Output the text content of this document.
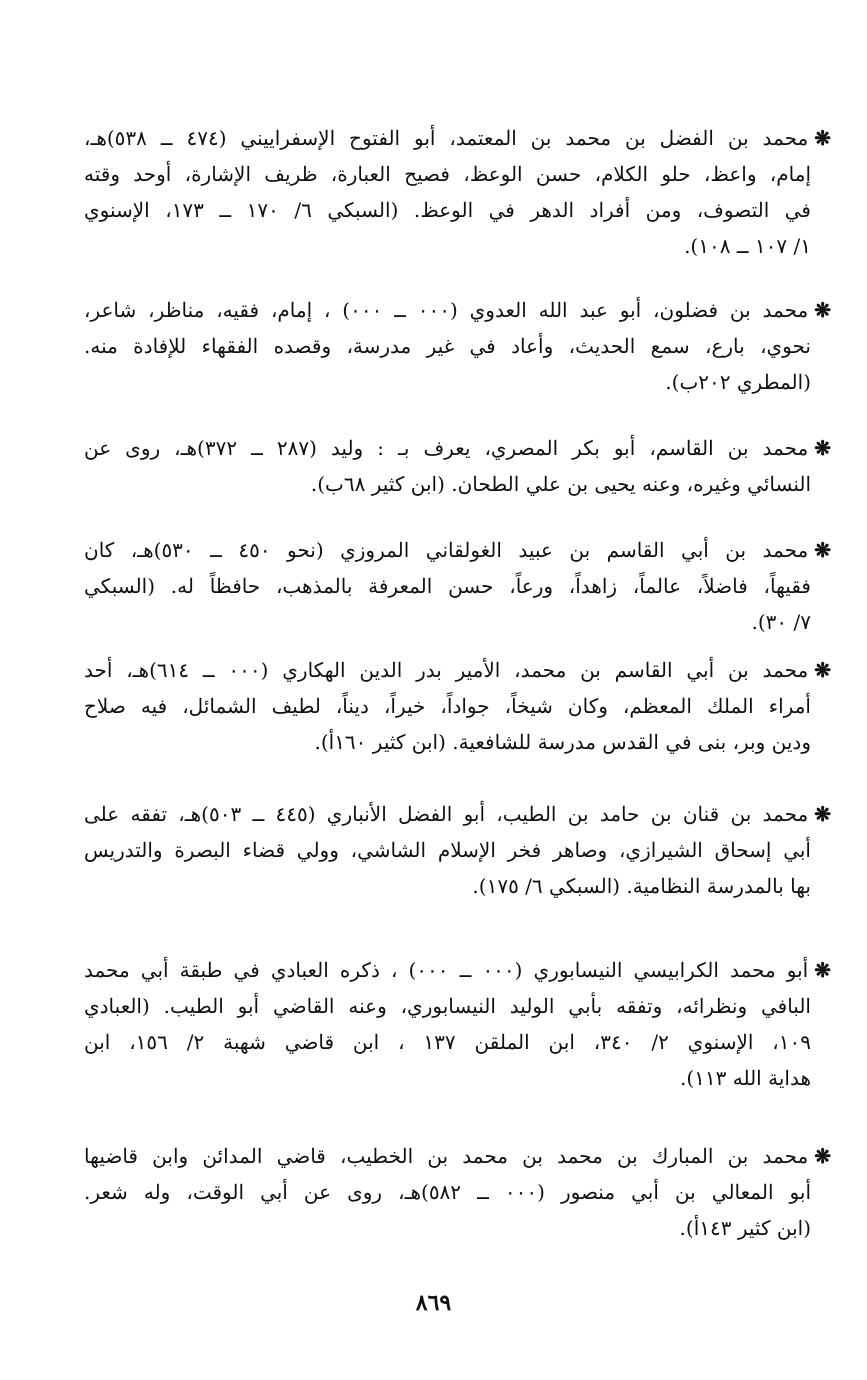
❋محمد بن الفضل بن محمد بن المعتمد، أبو الفتوح الإسفراييني (٤٧٤ ــ ٥٣٨)هـ،
إمام، واعظ، حلو الكلام، حسن الوعظ، فصيح العبارة، ظريف الإشارة، أوحد وقته
في التصوف، ومن أفراد الدهر في الوعظ. (السبكي ٦/ ١٧٠ ــ ١٧٣، الإسنوي
١/ ١٠٧ ــ ١٠٨).
❋محمد بن فضلون، أبو عبد الله العدوي (٠٠٠ ــ ٠٠٠) ، إمام، فقيه، مناظر، شاعر،
نحوي، بارع، سمع الحديث، وأعاد في غير مدرسة، وقصده الفقهاء للإفادة منه.
(المطري ٢٠٢ب).
❋محمد بن القاسم، أبو بكر المصري، يعرف بـ : وليد (٢٨٧ ــ ٣٧٢)هـ، روى عن
النسائي وغيره، وعنه يحيى بن علي الطحان. (ابن كثير ٦٨ب).
❋محمد بن أبي القاسم بن عبيد الغولقاني المروزي (نحو ٤٥٠ ــ ٥٣٠)هـ، كان
فقيهاً، فاضلاً، عالماً، زاهداً، ورعاً، حسن المعرفة بالمذهب، حافظاً له. (السبكي
٧/ ٣٠).
❋محمد بن أبي القاسم بن محمد، الأمير بدر الدين الهكاري (٠٠٠ ــ ٦١٤)هـ، أحد
أمراء الملك المعظم، وكان شيخاً، جواداً، خيراً، ديناً، لطيف الشمائل، فيه صلاح
ودين وبر، بنى في القدس مدرسة للشافعية. (ابن كثير ١٦٠أ).
❋محمد بن قنان بن حامد بن الطيب، أبو الفضل الأنباري (٤٤٥ ــ ٥٠٣)هـ، تفقه على
أبي إسحاق الشيرازي، وصاهر فخر الإسلام الشاشي، وولي قضاء البصرة والتدريس
بها بالمدرسة النظامية. (السبكي ٦/ ١٧٥).
❋أبو محمد الكرابيسي النيسابوري (٠٠٠ ــ ٠٠٠) ، ذكره العبادي في طبقة أبي محمد
البافي ونظرائه، وتفقه بأبي الوليد النيسابوري، وعنه القاضي أبو الطيب. (العبادي
١٠٩، الإسنوي ٢/ ٣٤٠، ابن الملقن ١٣٧ ، ابن قاضي شهبة ٢/ ١٥٦، ابن
هداية الله ١١٣).
❋محمد بن المبارك بن محمد بن محمد بن الخطيب، قاضي المدائن وابن قاضيها
أبو المعالي بن أبي منصور (٠٠٠ ــ ٥٨٢)هـ، روى عن أبي الوقت، وله شعر.
(ابن كثير ١٤٣أ).
٨٦٩
